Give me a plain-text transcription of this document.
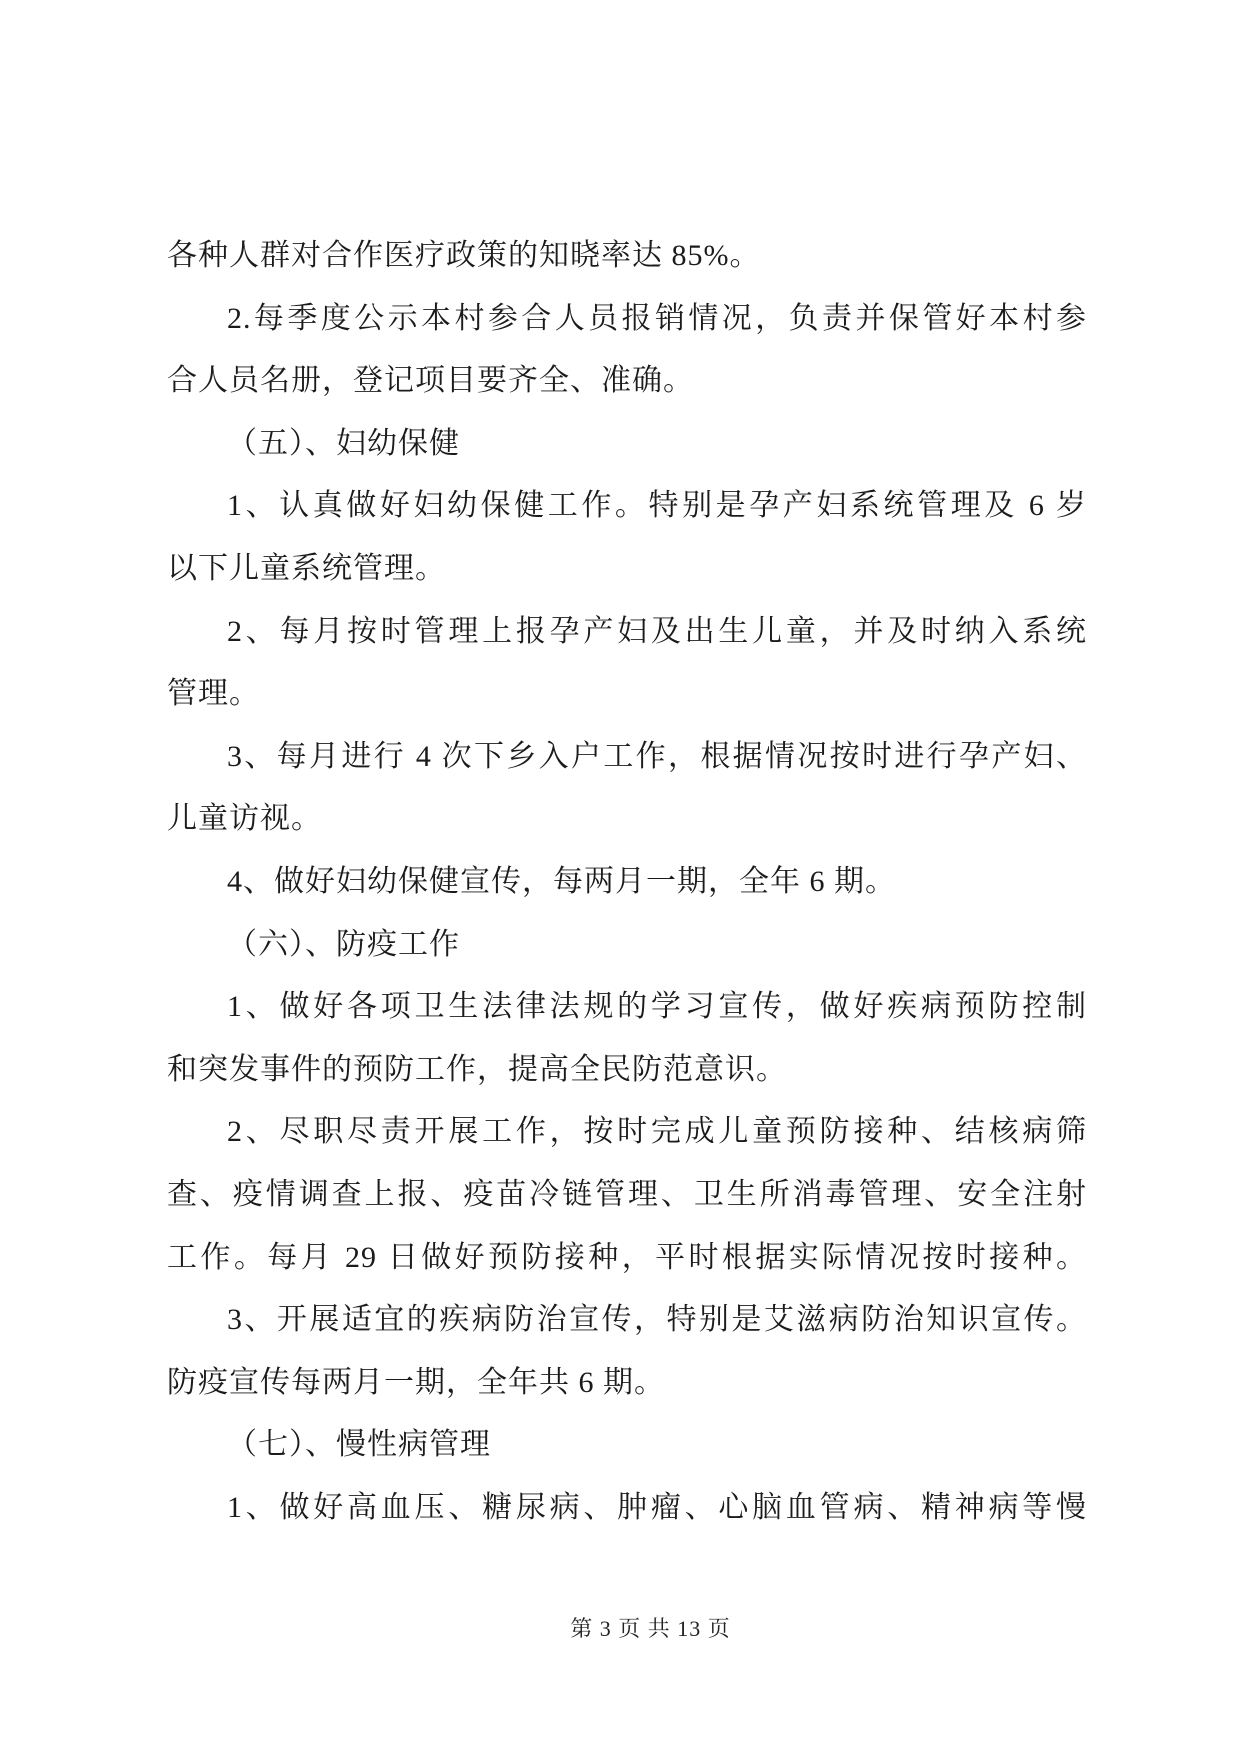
各种人群对合作医疗政策的知晓率达 85%。
2.每季度公示本村参合人员报销情况，负责并保管好本村参
合人员名册，登记项目要齐全、准确。
（五）、妇幼保健
1、认真做好妇幼保健工作。特别是孕产妇系统管理及 6 岁
以下儿童系统管理。
2、每月按时管理上报孕产妇及出生儿童，并及时纳入系统
管理。
3、每月进行 4 次下乡入户工作，根据情况按时进行孕产妇、
儿童访视。
4、做好妇幼保健宣传，每两月一期，全年 6 期。
（六）、防疫工作
1、做好各项卫生法律法规的学习宣传，做好疾病预防控制
和突发事件的预防工作，提高全民防范意识。
2、尽职尽责开展工作，按时完成儿童预防接种、结核病筛
查、疫情调查上报、疫苗冷链管理、卫生所消毒管理、安全注射
工作。每月 29 日做好预防接种，平时根据实际情况按时接种。
3、开展适宜的疾病防治宣传，特别是艾滋病防治知识宣传。
防疫宣传每两月一期，全年共 6 期。
（七）、慢性病管理
1、做好高血压、糖尿病、肿瘤、心脑血管病、精神病等慢
第 3 页 共 13 页
